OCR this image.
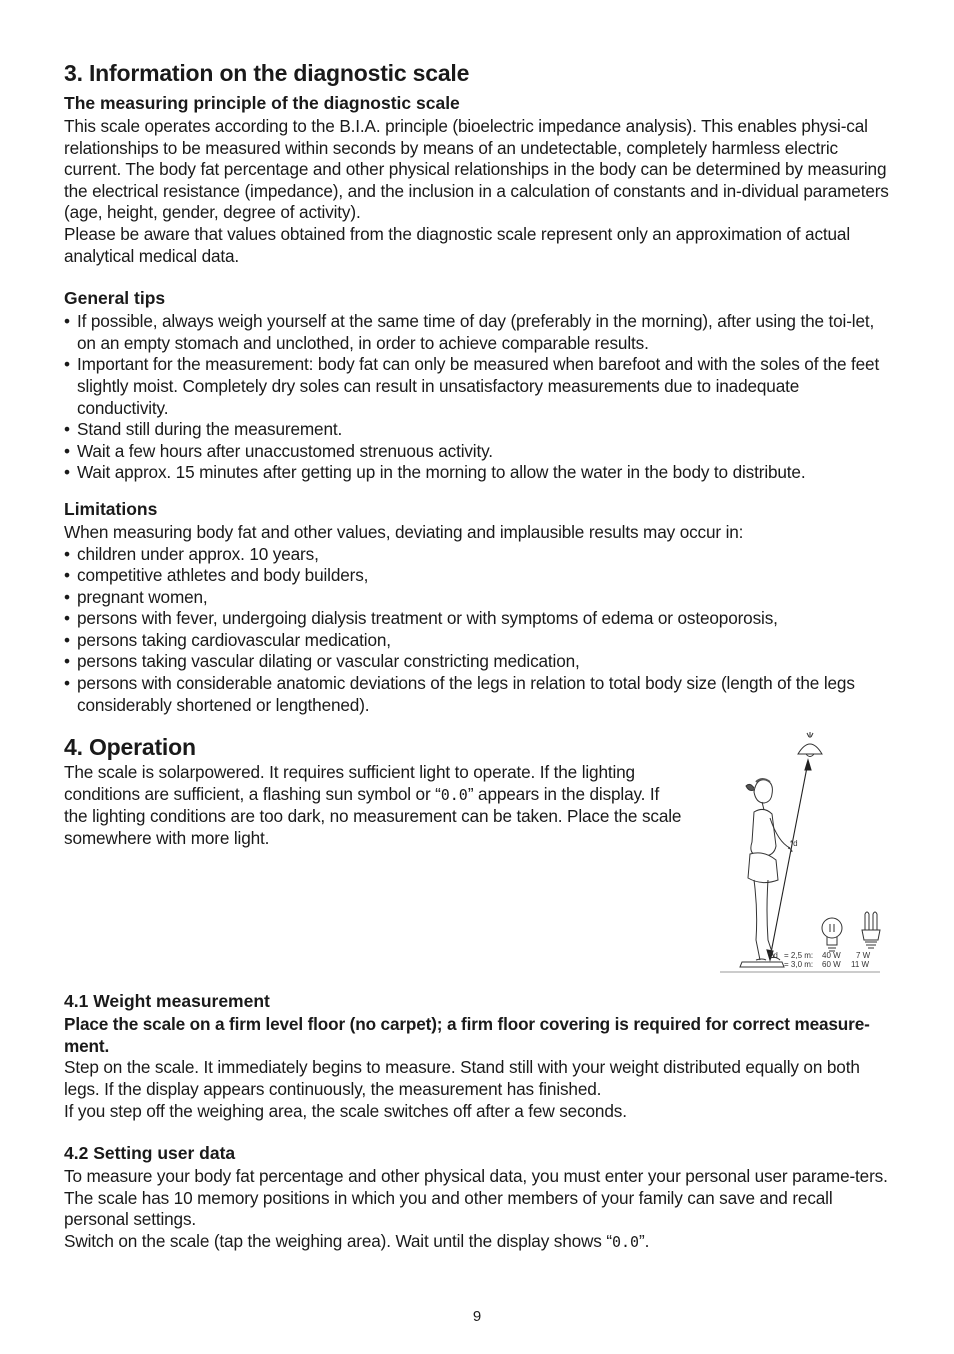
3. Information on the diagnostic scale
The measuring principle of the diagnostic scale

This scale operates according to the B.I.A. principle (bioelectric impedance analysis). This enables physi-cal relationships to be measured within seconds by means of an undetectable, completely harmless electric current. The body fat percentage and other physical relationships in the body can be determined by measuring the electrical resistance (impedance), and the inclusion in a calculation of constants and in-dividual parameters (age, height, gender, degree of activity).

Please be aware that values obtained from the diagnostic scale represent only an approximation of actual analytical medical data.

General tips
• If possible, always weigh yourself at the same time of day (preferably in the morning), after using the toi-let, on an empty stomach and unclothed, in order to achieve comparable results.
• Important for the measurement: body fat can only be measured when barefoot and with the soles of the feet slightly moist. Completely dry soles can result in unsatisfactory measurements due to inadequate conductivity.
• Stand still during the measurement.
• Wait a few hours after unaccustomed strenuous activity.
• Wait approx. 15 minutes after getting up in the morning to allow the water in the body to distribute.
Limitations

When measuring body fat and other values, deviating and implausible results may occur in:

• children under approx. 10 years,
• competitive athletes and body builders,
• pregnant women,
• persons with fever, undergoing dialysis treatment or with symptoms of edema or osteoporosis,
• persons taking cardiovascular medication,
• persons taking vascular dilating or vascular constricting medication,
• persons with considerable anatomic deviations of the legs in relation to total body size (length of the legs considerably shortened or lengthened).
4. Operation

The scale is solarpowered. It requires sufficient light to operate. If the lighting conditions are sufficient, a flashing sun symbol or “0.0” appears in the display. If the lighting conditions are too dark, no measurement can be taken. Place the scale somewhere with more light.	*d
* d = 2,5 m: 40 W 7 W
= 3,0 m: 60 W 11 W
4.1 Weight measurement

Place the scale on a firm level floor (no carpet); a firm floor covering is required for correct measure-ment.

Step on the scale. It immediately begins to measure. Stand still with your weight distributed equally on both legs. If the display appears continuously, the measurement has finished.

If you step off the weighing area, the scale switches off after a few seconds.

4.2 Setting user data

To measure your body fat percentage and other physical data, you must enter your personal user parame-ters.

The scale has 10 memory positions in which you and other members of your family can save and recall personal settings.

Switch on the scale (tap the weighing area). Wait until the display shows “0.0”.

9
